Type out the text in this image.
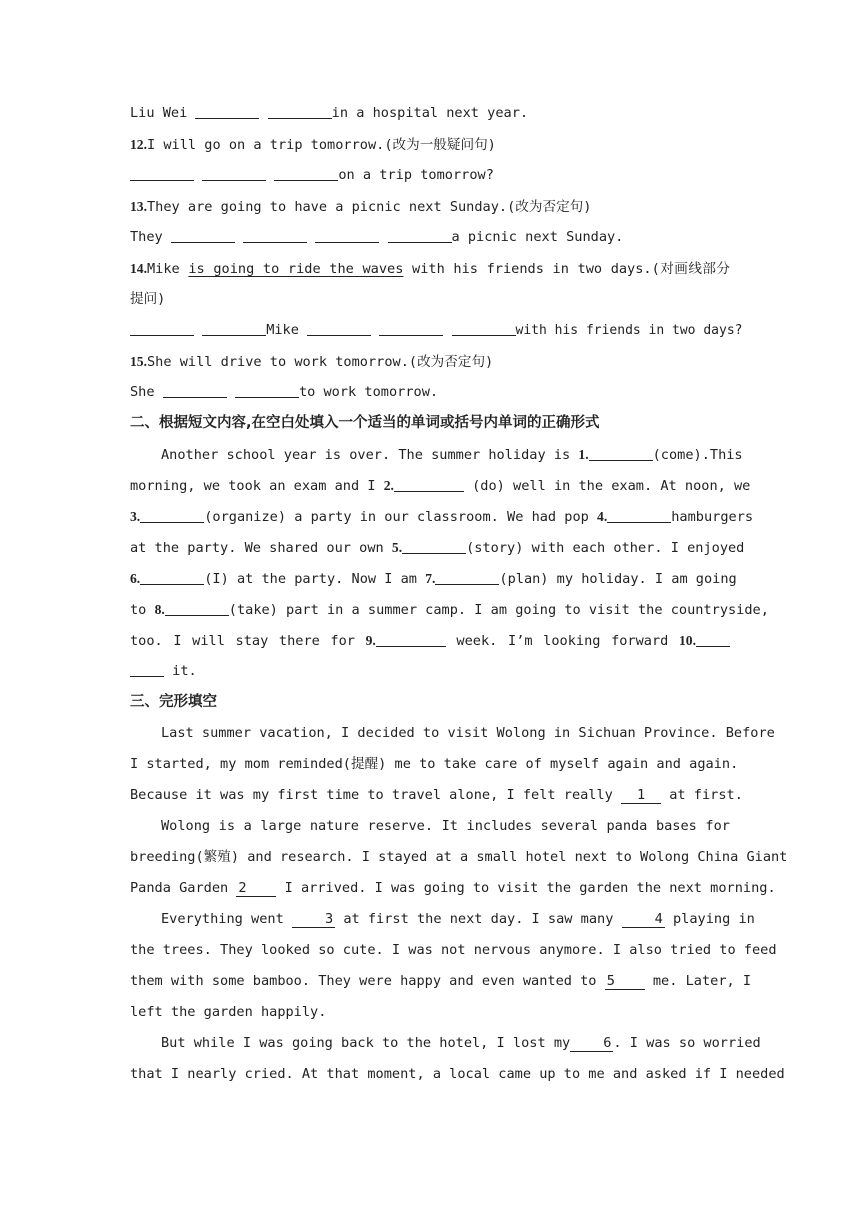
Liu Wei	in a hospital next year.
12.I will go on a trip tomorrow.(改为一般疑问句)
on a trip tomorrow?
13.They are going to have a picnic next Sunday.(改为否定句)
They	a picnic next Sunday.
14.Mike is going to ride the waves with his friends in two days.(对画线部分
提问)
Mike	with his friends in two days?
15.She will drive to work tomorrow.(改为否定句)
She	to work tomorrow.
二、根据短文内容,在空白处填入一个适当的单词或括号内单词的正确形式
Another school year is over. The summer holiday is 1.	(come).This
morning, we took an exam and I 2.	(do) well in the exam. At noon, we
3.	(organize) a party in our classroom. We had pop 4.	hamburgers
at the party. We shared our own 5.	(story) with each other. I enjoyed
6.	(I) at the party. Now I am 7.	(plan) my holiday. I am going
to 8.	(take) part in a summer camp. I am going to visit the countryside,
too. I will stay there for 9.	week. I’m looking forward 10.
it.
三、完形填空
Last summer vacation, I decided to visit Wolong in Sichuan Province. Before
I started, my mom reminded(提醒) me to take care of myself again and again.
Because it was my first time to travel alone, I felt really 1 at first.
Wolong is a large nature reserve. It includes several panda bases for
breeding(繁殖) and research. I stayed at a small hotel next to Wolong China Giant
Panda Garden 2 I arrived. I was going to visit the garden the next morning.
Everything went 3 at first the next day. I saw many 4 playing in
the trees. They looked so cute. I was not nervous anymore. I also tried to feed
them with some bamboo. They were happy and even wanted to 5 me. Later, I
left the garden happily.
But while I was going back to the hotel, I lost my 6 . I was so worried
that I nearly cried. At that moment, a local came up to me and asked if I needed
